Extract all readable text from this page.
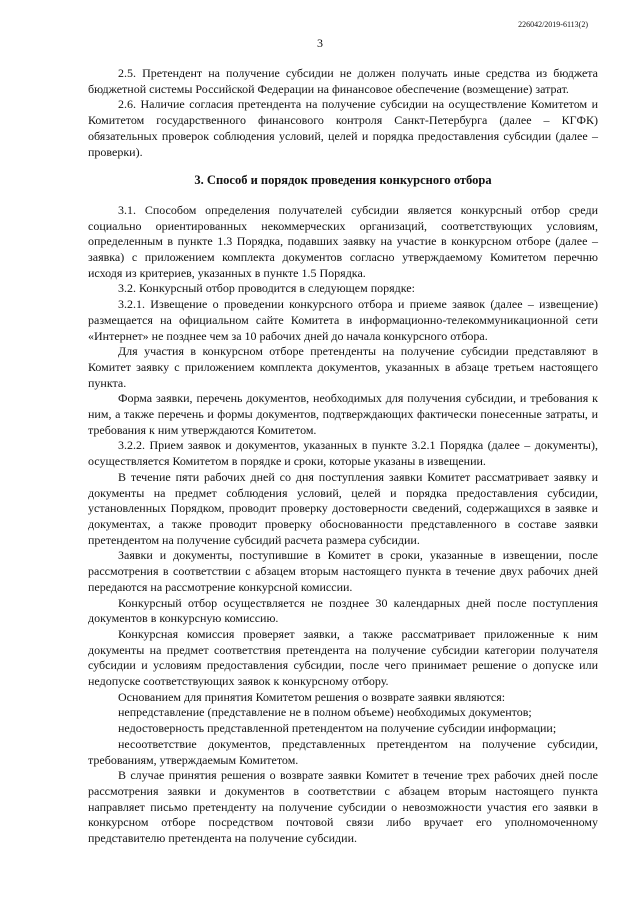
226042/2019-6113(2)
3

2.5. Претендент на получение субсидии не должен получать иные средства из бюджета бюджетной системы Российской Федерации на финансовое обеспечение (возмещение) затрат.

2.6. Наличие согласия претендента на получение субсидии на осуществление Комитетом и Комитетом государственного финансового контроля Санкт-Петербурга (далее – КГФК) обязательных проверок соблюдения условий, целей и порядка предоставления субсидии (далее – проверки).

3. Способ и порядок проведения конкурсного отбора

3.1. Способом определения получателей субсидии является конкурсный отбор среди социально ориентированных некоммерческих организаций, соответствующих условиям, определенным в пункте 1.3 Порядка, подавших заявку на участие в конкурсном отборе (далее – заявка) с приложением комплекта документов согласно утверждаемому Комитетом перечню исходя из критериев, указанных в пункте 1.5 Порядка.

3.2. Конкурсный отбор проводится в следующем порядке:

3.2.1. Извещение о проведении конкурсного отбора и приеме заявок (далее – извещение) размещается на официальном сайте Комитета в информационно-телекоммуникационной сети «Интернет» не позднее чем за 10 рабочих дней до начала конкурсного отбора.

Для участия в конкурсном отборе претенденты на получение субсидии представляют в Комитет заявку с приложением комплекта документов, указанных в абзаце третьем настоящего пункта.

Форма заявки, перечень документов, необходимых для получения субсидии, и требования к ним, а также перечень и формы документов, подтверждающих фактически понесенные затраты, и требования к ним утверждаются Комитетом.

3.2.2. Прием заявок и документов, указанных в пункте 3.2.1 Порядка (далее – документы), осуществляется Комитетом в порядке и сроки, которые указаны в извещении.

В течение пяти рабочих дней со дня поступления заявки Комитет рассматривает заявку и документы на предмет соблюдения условий, целей и порядка предоставления субсидии, установленных Порядком, проводит проверку достоверности сведений, содержащихся в заявке и документах, а также проводит проверку обоснованности представленного в составе заявки претендентом на получение субсидий расчета размера субсидии.

Заявки и документы, поступившие в Комитет в сроки, указанные в извещении, после рассмотрения в соответствии с абзацем вторым настоящего пункта в течение двух рабочих дней передаются на рассмотрение конкурсной комиссии.

Конкурсный отбор осуществляется не позднее 30 календарных дней после поступления документов в конкурсную комиссию.

Конкурсная комиссия проверяет заявки, а также рассматривает приложенные к ним документы на предмет соответствия претендента на получение субсидии категории получателя субсидии и условиям предоставления субсидии, после чего принимает решение о допуске или недопуске соответствующих заявок к конкурсному отбору.

Основанием для принятия Комитетом решения о возврате заявки являются:

непредставление (представление не в полном объеме) необходимых документов;

недостоверность представленной претендентом на получение субсидии информации;

несоответствие документов, представленных претендентом на получение субсидии, требованиям, утверждаемым Комитетом.

В случае принятия решения о возврате заявки Комитет в течение трех рабочих дней после рассмотрения заявки и документов в соответствии с абзацем вторым настоящего пункта направляет письмо претенденту на получение субсидии о невозможности участия его заявки в конкурсном отборе посредством почтовой связи либо вручает его уполномоченному представителю претендента на получение субсидии.
